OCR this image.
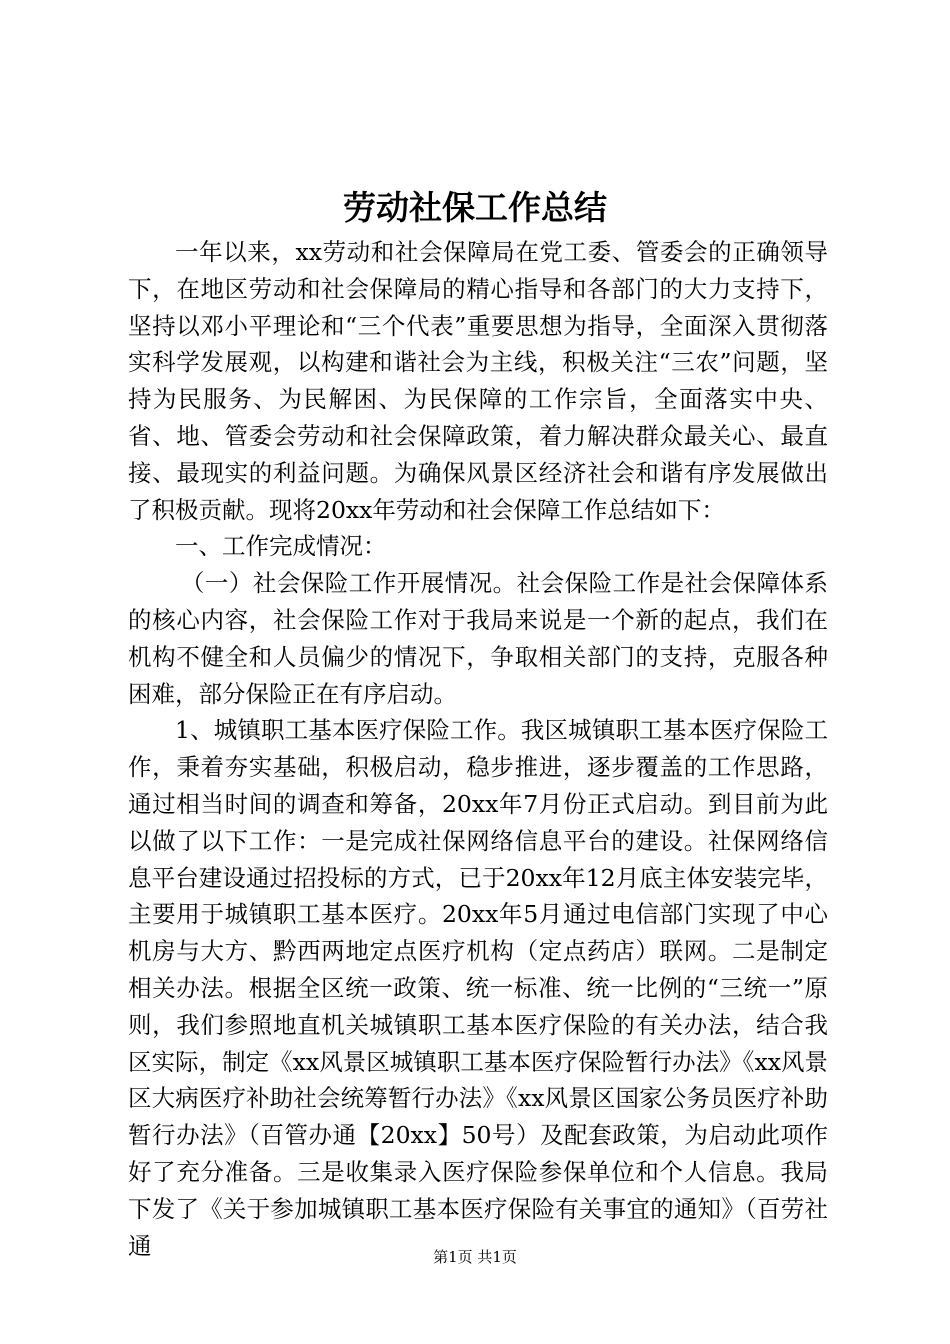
劳动社保工作总结

一年以来，xx劳动和社会保障局在党工委、管委会的正确领导下，在地区劳动和社会保障局的精心指导和各部门的大力支持下，坚持以邓小平理论和“三个代表”重要思想为指导，全面深入贯彻落实科学发展观，以构建和谐社会为主线，积极关注“三农”问题，坚持为民服务、为民解困、为民保障的工作宗旨，全面落实中央、省、地、管委会劳动和社会保障政策，着力解决群众最关心、最直接、最现实的利益问题。为确保风景区经济社会和谐有序发展做出了积极贡献。现将20xx年劳动和社会保障工作总结如下：

一、工作完成情况：

（一）社会保险工作开展情况。社会保险工作是社会保障体系的核心内容，社会保险工作对于我局来说是一个新的起点，我们在机构不健全和人员偏少的情况下，争取相关部门的支持，克服各种困难，部分保险正在有序启动。

1、城镇职工基本医疗保险工作。我区城镇职工基本医疗保险工作，秉着夯实基础，积极启动，稳步推进，逐步覆盖的工作思路，通过相当时间的调查和筹备，20xx年7月份正式启动。到目前为此以做了以下工作：一是完成社保网络信息平台的建设。社保网络信息平台建设通过招投标的方式，已于20xx年12月底主体安装完毕，主要用于城镇职工基本医疗。20xx年5月通过电信部门实现了中心机房与大方、黔西两地定点医疗机构（定点药店）联网。二是制定相关办法。根据全区统一政策、统一标准、统一比例的“三统一”原则，我们参照地直机关城镇职工基本医疗保险的有关办法，结合我区实际，制定《xx风景区城镇职工基本医疗保险暂行办法》《xx风景区大病医疗补助社会统筹暂行办法》《xx风景区国家公务员医疗补助暂行办法》（百管办通【20xx】50号）及配套政策，为启动此项作好了充分准备。三是收集录入医疗保险参保单位和个人信息。我局下发了《关于参加城镇职工基本医疗保险有关事宜的通知》（百劳社通	第1页 共1页
